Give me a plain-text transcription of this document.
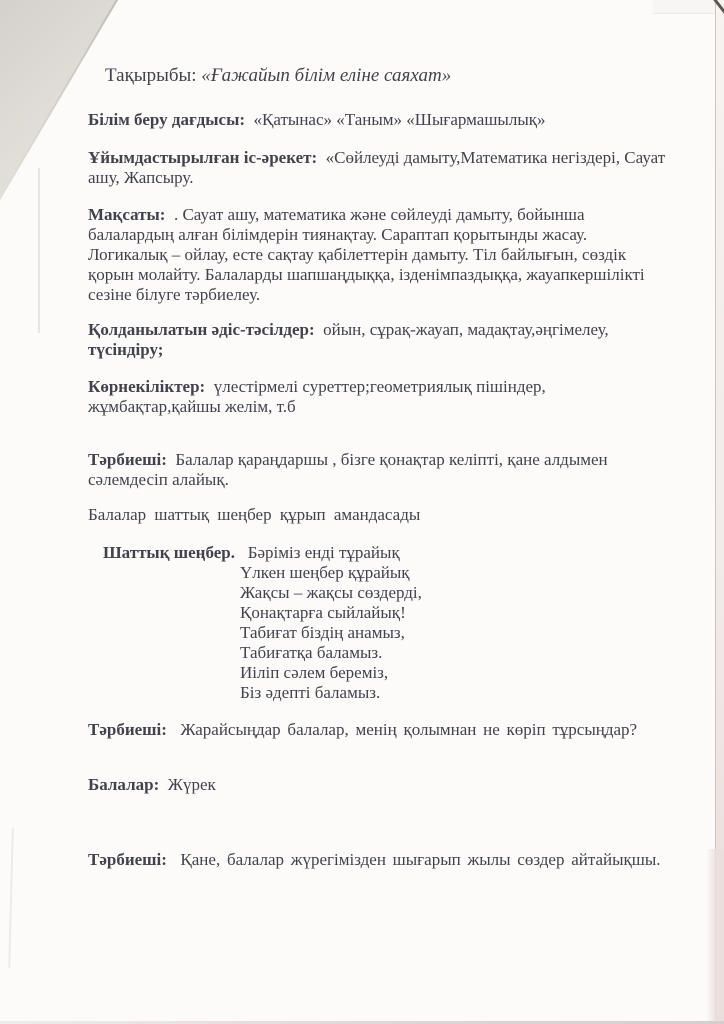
Тақырыбы: «Ғажайып білім еліне саяхат»

Білім беру дағдысы: «Қатынас» «Таным» «Шығармашылық»

Ұйымдастырылған іс-әрекет: «Сөйлеуді дамыту,Математика негіздері, Сауат ашу, Жапсыру.

Мақсаты: . Сауат ашу, математика және сөйлеуді дамыту, бойынша балалардың алған білімдерін тиянақтау. Сараптап қорытынды жасау. Логикалық – ойлау, есте сақтау қабілеттерін дамыту. Тіл байлығын, сөздік қорын молайту. Балаларды шапшаңдыққа, ізденімпаздыққа, жауапкершілікті сезіне білуге тәрбиелеу.

Қолданылатын әдіс-тәсілдер: ойын, сұрақ-жауап, мадақтау,әңгімелеу, түсіндіру;

Көрнекіліктер: үлестірмелі суреттер;геометриялық пішіндер, жұмбақтар,қайшы желім, т.б

Тәрбиеші: Балалар қараңдаршы , бізге қонақтар келіпті, қане алдымен сәлемдесіп алайық.

Балалар шаттық шеңбер құрып амандасады

Шаттық шеңбер. Бәріміз енді тұрайық

Үлкен шеңбер құрайық

Жақсы – жақсы сөздерді,

Қонақтарға сыйлайық!

Табиғат біздің анамыз,

Табиғатқа баламыз.

Иіліп сәлем береміз,

Біз әдепті баламыз.

Тәрбиеші: Жарайсыңдар балалар, менің қолымнан не көріп тұрсыңдар?

Балалар: Жүрек

Тәрбиеші: Қане, балалар жүрегімізден шығарып жылы сөздер айтайықшы.
